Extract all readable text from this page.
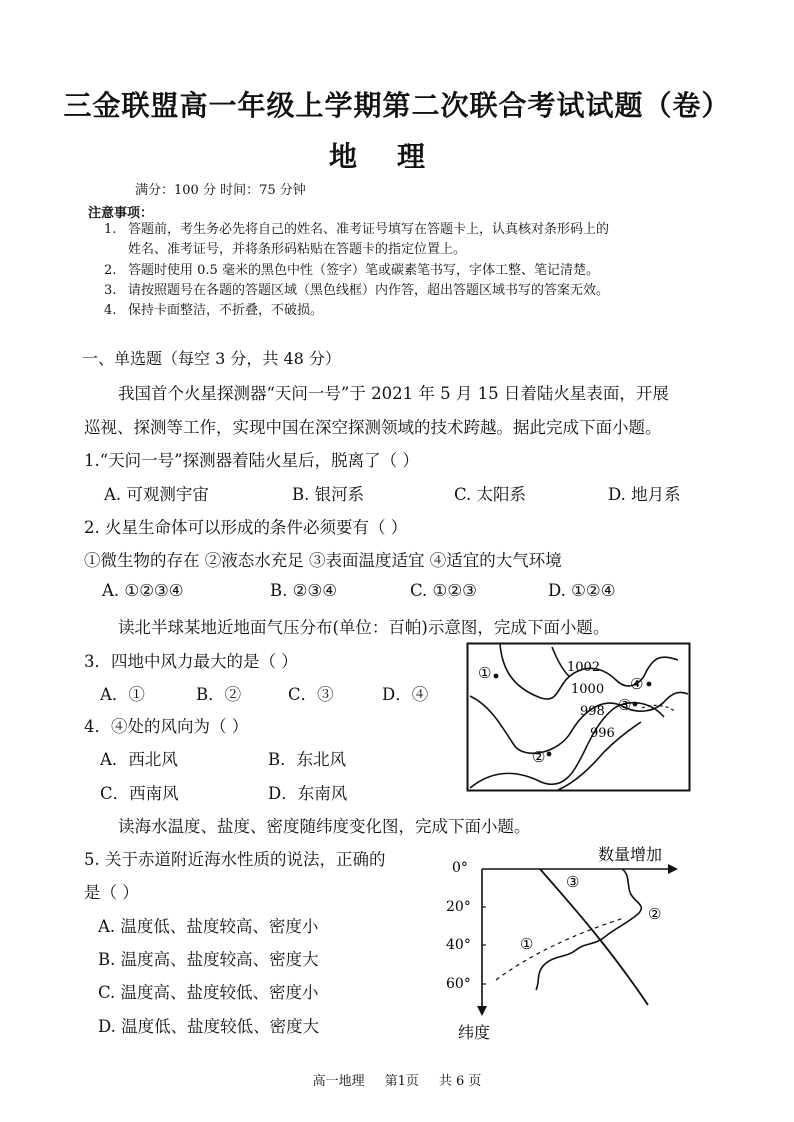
三金联盟高一年级上学期第二次联合考试试题（卷）
地理
满分：100 分 时间：75 分钟
注意事项：
1. 答题前，考生务必先将自己的姓名、准考证号填写在答题卡上，认真核对条形码上的
姓名、准考证号，并将条形码粘贴在答题卡的指定位置上。
2. 答题时使用 0.5 毫米的黑色中性（签字）笔或碳素笔书写，字体工整、笔记清楚。
3. 请按照题号在各题的答题区域（黑色线框）内作答，超出答题区域书写的答案无效。
4. 保持卡面整洁，不折叠，不破损。
一、单选题（每空 3 分，共 48 分）
我国首个火星探测器“天问一号”于 2021 年 5 月 15 日着陆火星表面，开展
巡视、探测等工作，实现中国在深空探测领域的技术跨越。据此完成下面小题。
1.“天问一号”探测器着陆火星后，脱离了（ ）
A. 可观测宇宙	B. 银河系	C. 太阳系	D. 地月系
2. 火星生命体可以形成的条件必须要有（ ）
①微生物的存在 ②液态水充足 ③表面温度适宜 ④适宜的大气环境
A. ①②③④	B. ②③④	C. ①②③	D. ①②④
读北半球某地近地面气压分布(单位：百帕)示意图，完成下面小题。
3．四地中风力最大的是（ ）
A．①	B．②	C．③	D．④
4．④处的风向为（ ）
A．西北风	B．东北风
C．西南风	D．东南风
读海水温度、盐度、密度随纬度变化图，完成下面小题。
5. 关于赤道附近海水性质的说法，正确的
是（ ）
A. 温度低、盐度较高、密度小
B. 温度高、盐度较高、密度大
C. 温度高、盐度较低、密度小
D. 温度低、盐度较低、密度大
1002
1000
998
996
①
②
③
④
数量增加
0°
20°
40°
60°
纬度
③
②
①
高一地理 第1页 共 6 页
